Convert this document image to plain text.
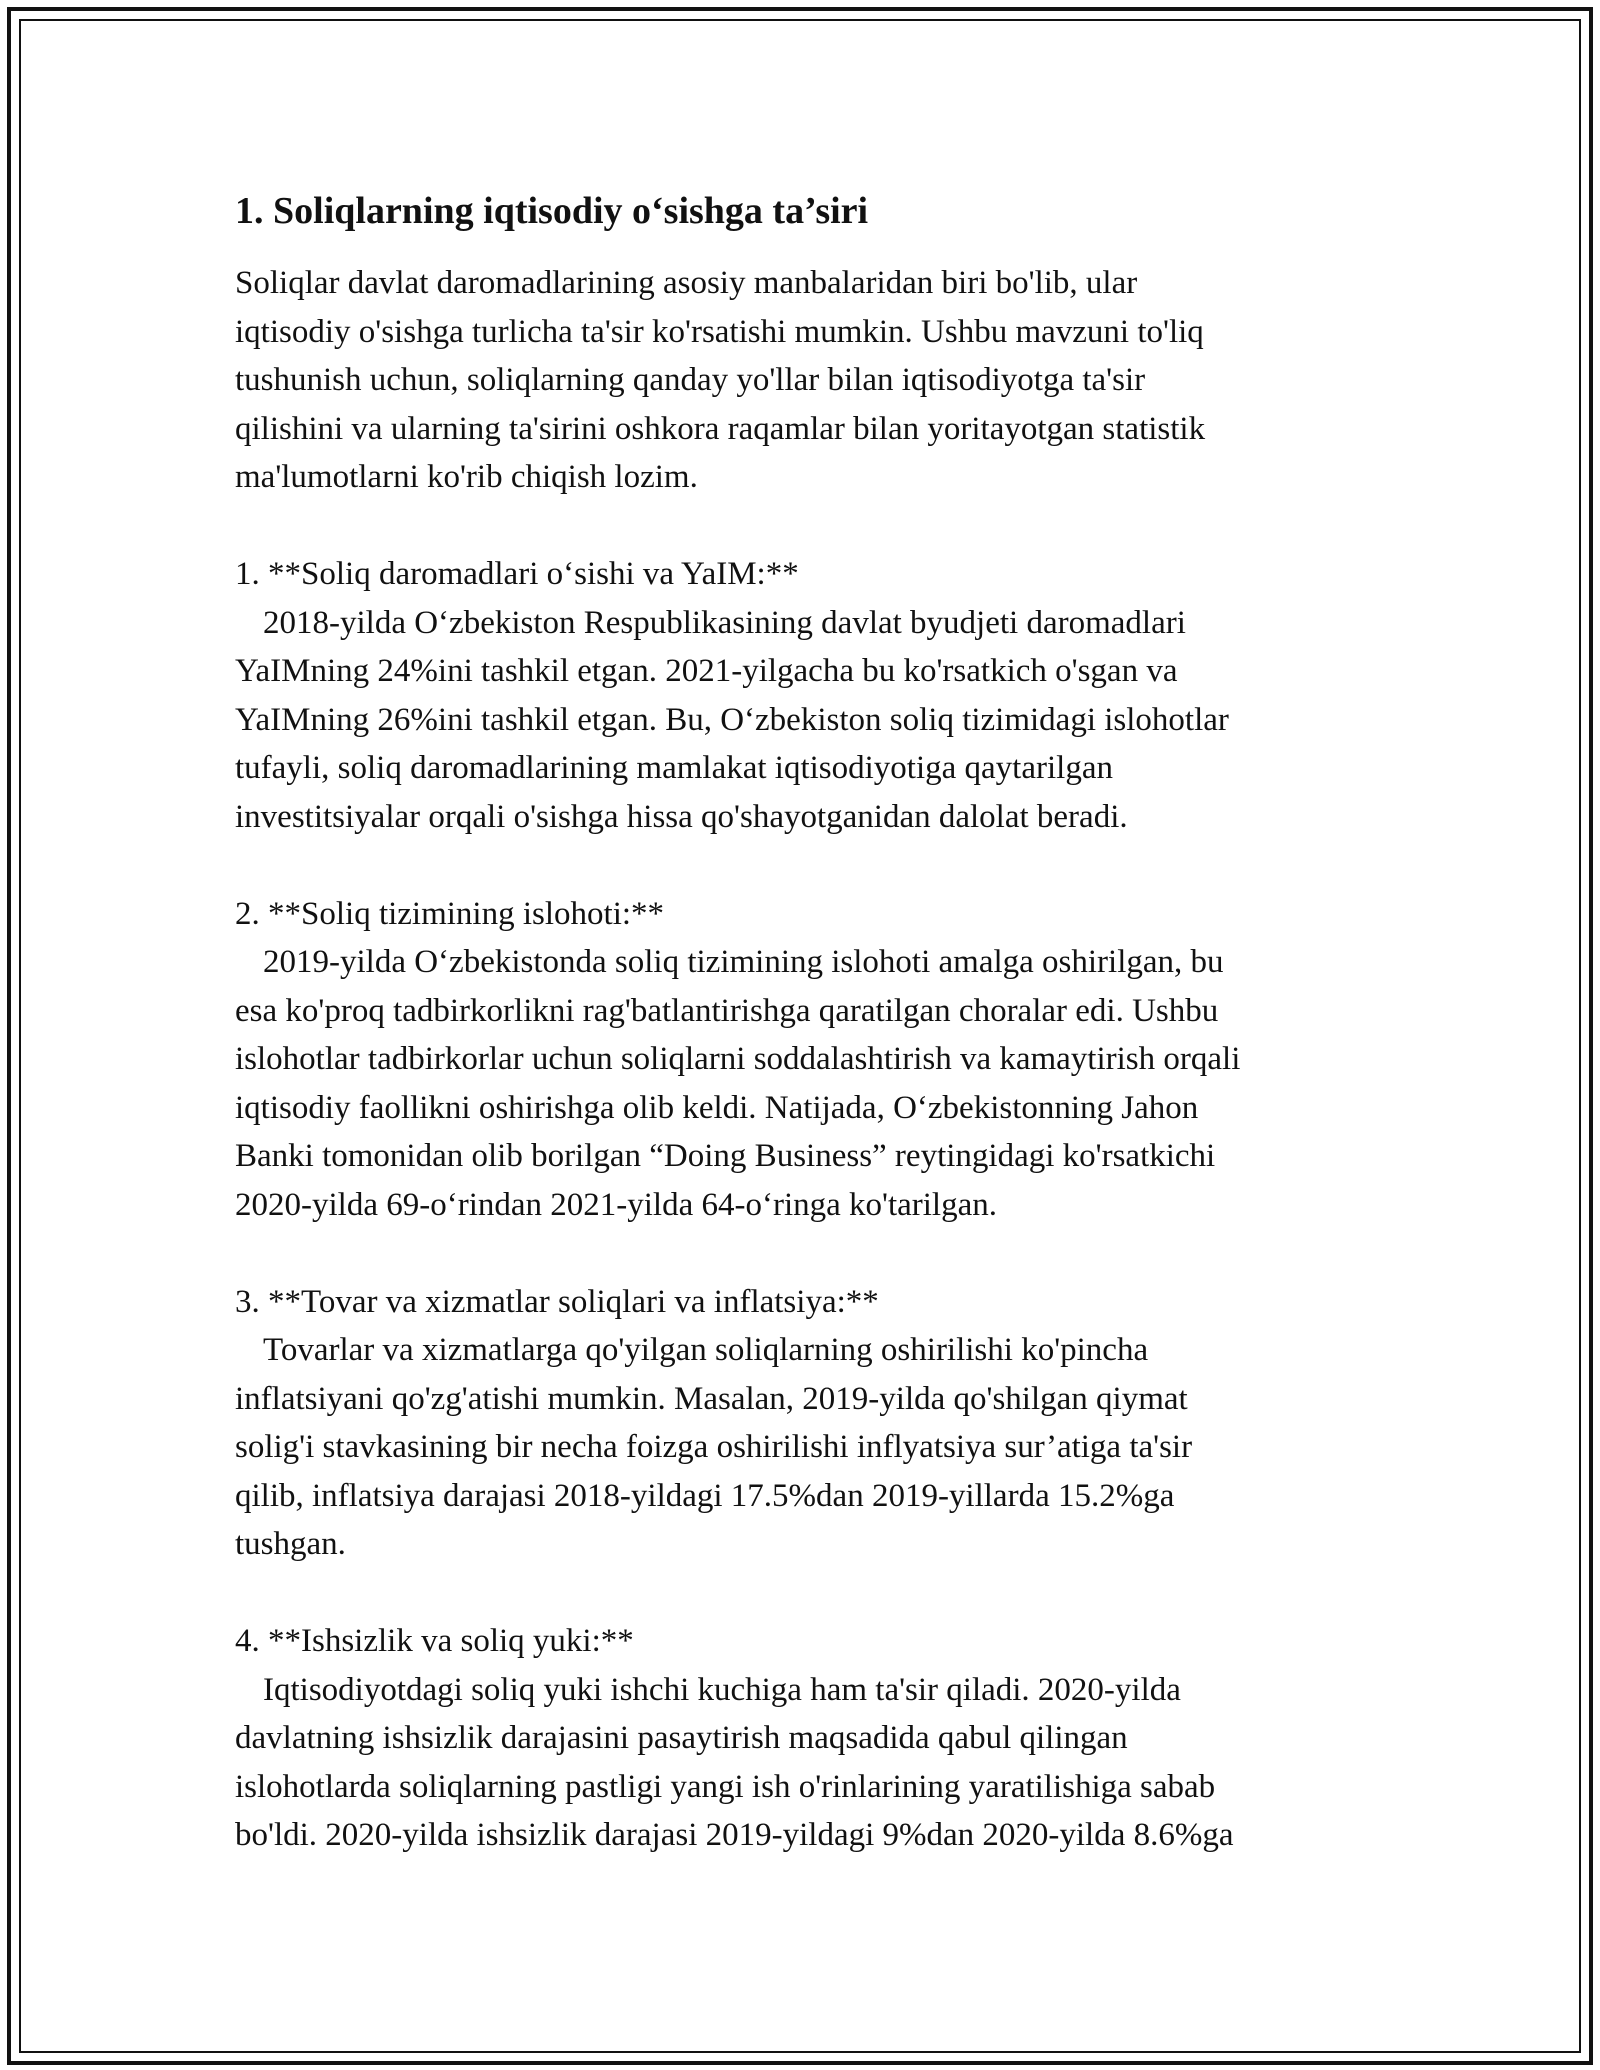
1. Soliqlarning iqtisodiy o‘sishga ta’siri

Soliqlar davlat daromadlarining asosiy manbalaridan biri bo'lib, ular

iqtisodiy o'sishga turlicha ta'sir ko'rsatishi mumkin. Ushbu mavzuni to'liq

tushunish uchun, soliqlarning qanday yo'llar bilan iqtisodiyotga ta'sir

qilishini va ularning ta'sirini oshkora raqamlar bilan yoritayotgan statistik

ma'lumotlarni ko'rib chiqish lozim.

1. **Soliq daromadlari o‘sishi va YaIM:**

2018-yilda O‘zbekiston Respublikasining davlat byudjeti daromadlari

YaIMning 24%ini tashkil etgan. 2021-yilgacha bu ko'rsatkich o'sgan va

YaIMning 26%ini tashkil etgan. Bu, O‘zbekiston soliq tizimidagi islohotlar

tufayli, soliq daromadlarining mamlakat iqtisodiyotiga qaytarilgan

investitsiyalar orqali o'sishga hissa qo'shayotganidan dalolat beradi.

2. **Soliq tizimining islohoti:**

2019-yilda O‘zbekistonda soliq tizimining islohoti amalga oshirilgan, bu

esa ko'proq tadbirkorlikni rag'batlantirishga qaratilgan choralar edi. Ushbu

islohotlar tadbirkorlar uchun soliqlarni soddalashtirish va kamaytirish orqali

iqtisodiy faollikni oshirishga olib keldi. Natijada, O‘zbekistonning Jahon

Banki tomonidan olib borilgan “Doing Business” reytingidagi ko'rsatkichi

2020-yilda 69-o‘rindan 2021-yilda 64-o‘ringa ko'tarilgan.

3. **Tovar va xizmatlar soliqlari va inflatsiya:**

Tovarlar va xizmatlarga qo'yilgan soliqlarning oshirilishi ko'pincha

inflatsiyani qo'zg'atishi mumkin. Masalan, 2019-yilda qo'shilgan qiymat

solig'i stavkasining bir necha foizga oshirilishi inflyatsiya sur’atiga ta'sir

qilib, inflatsiya darajasi 2018-yildagi 17.5%dan 2019-yillarda 15.2%ga

tushgan.

4. **Ishsizlik va soliq yuki:**

Iqtisodiyotdagi soliq yuki ishchi kuchiga ham ta'sir qiladi. 2020-yilda

davlatning ishsizlik darajasini pasaytirish maqsadida qabul qilingan

islohotlarda soliqlarning pastligi yangi ish o'rinlarining yaratilishiga sabab

bo'ldi. 2020-yilda ishsizlik darajasi 2019-yildagi 9%dan 2020-yilda 8.6%ga
